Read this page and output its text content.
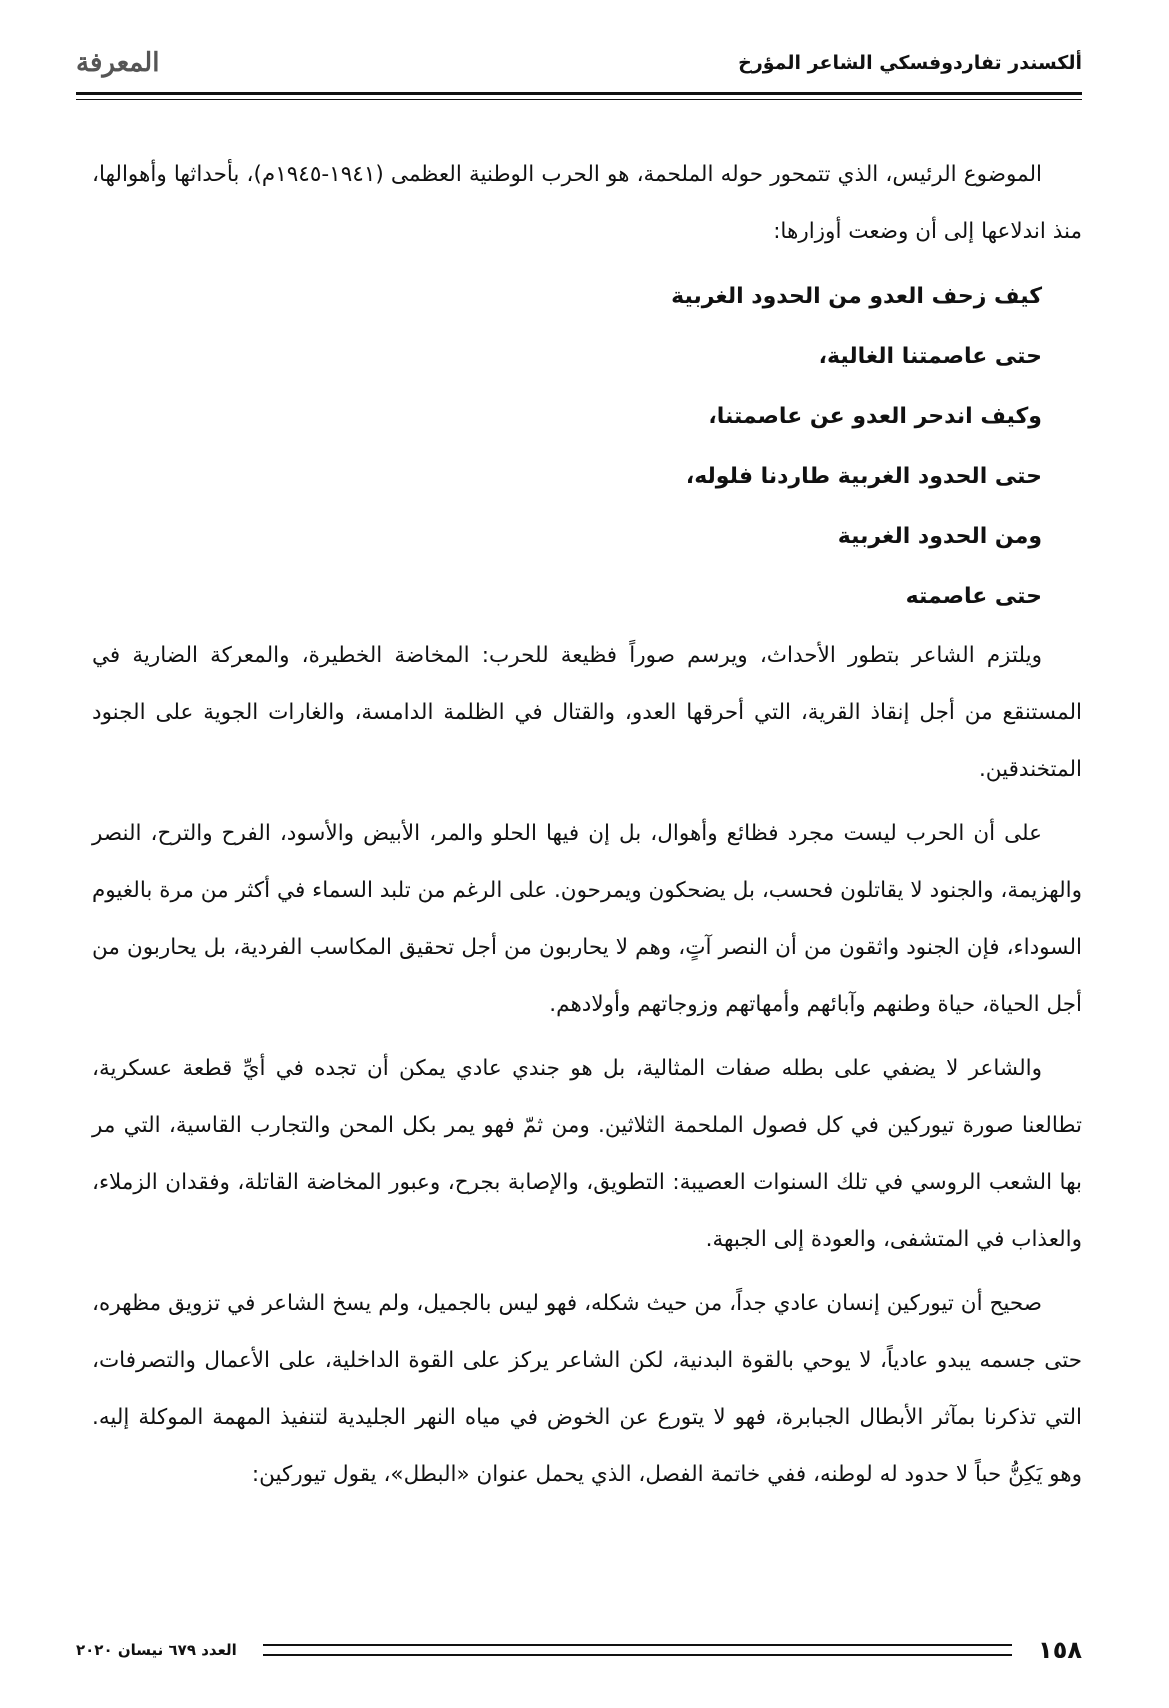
ألكسندر تفاردوفسكي الشاعر المؤرخ
المعرفة

الموضوع الرئيس، الذي تتمحور حوله الملحمة، هو الحرب الوطنية العظمى (١٩٤١-١٩٤٥م)، بأحداثها وأهوالها، منذ اندلاعها إلى أن وضعت أوزارها:

كيف زحف العدو من الحدود الغربية
حتى عاصمتنا الغالية،
وكيف اندحر العدو عن عاصمتنا،
حتى الحدود الغربية طاردنا فلوله،
ومن الحدود الغربية
حتى عاصمته

ويلتزم الشاعر بتطور الأحداث، ويرسم صوراً فظيعة للحرب: المخاضة الخطيرة، والمعركة الضارية في المستنقع من أجل إنقاذ القرية، التي أحرقها العدو، والقتال في الظلمة الدامسة، والغارات الجوية على الجنود المتخندقين.

على أن الحرب ليست مجرد فظائع وأهوال، بل إن فيها الحلو والمر، الأبيض والأسود، الفرح والترح، النصر والهزيمة، والجنود لا يقاتلون فحسب، بل يضحكون ويمرحون. على الرغم من تلبد السماء في أكثر من مرة بالغيوم السوداء، فإن الجنود واثقون من أن النصر آتٍ، وهم لا يحاربون من أجل تحقيق المكاسب الفردية، بل يحاربون من أجل الحياة، حياة وطنهم وآبائهم وأمهاتهم وزوجاتهم وأولادهم.

والشاعر لا يضفي على بطله صفات المثالية، بل هو جندي عادي يمكن أن تجده في أيِّ قطعة عسكرية، تطالعنا صورة تيوركين في كل فصول الملحمة الثلاثين. ومن ثمّ فهو يمر بكل المحن والتجارب القاسية، التي مر بها الشعب الروسي في تلك السنوات العصيبة: التطويق، والإصابة بجرح، وعبور المخاضة القاتلة، وفقدان الزملاء، والعذاب في المتشفى، والعودة إلى الجبهة.

صحيح أن تيوركين إنسان عادي جداً، من حيث شكله، فهو ليس بالجميل، ولم يسخ الشاعر في تزويق مظهره، حتى جسمه يبدو عادياً، لا يوحي بالقوة البدنية، لكن الشاعر يركز على القوة الداخلية، على الأعمال والتصرفات، التي تذكرنا بمآثر الأبطال الجبابرة، فهو لا يتورع عن الخوض في مياه النهر الجليدية لتنفيذ المهمة الموكلة إليه. وهو يَكِنُّ حباً لا حدود له لوطنه، ففي خاتمة الفصل، الذي يحمل عنوان «البطل»، يقول تيوركين:

١٥٨
العدد ٦٧٩ نيسان ٢٠٢٠
